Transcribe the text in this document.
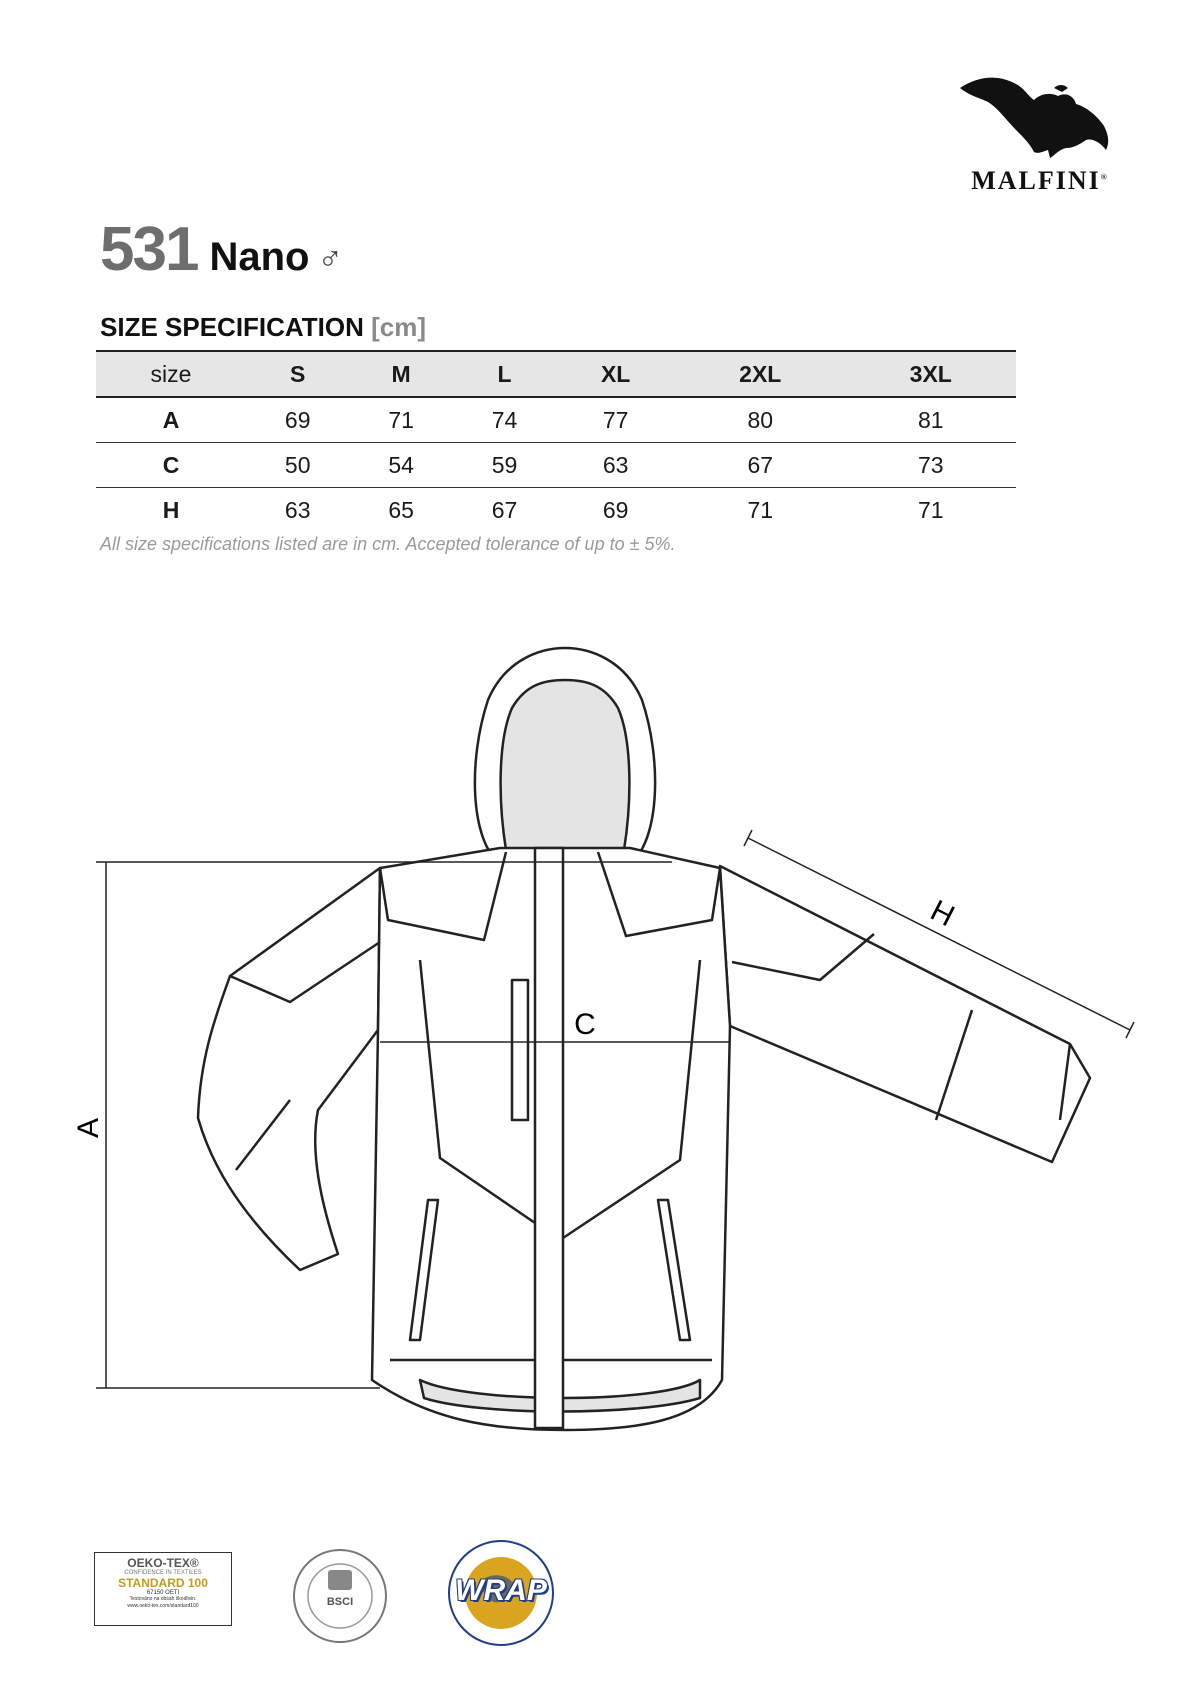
MALFINI®
531 Nano ♂
SIZE SPECIFICATION [cm]
size	S	M	L	XL	2XL	3XL
A	69	71	74	77	80	81
C	50	54	59	63	67	73
H	63	65	67	69	71	71
All size specifications listed are in cm. Accepted tolerance of up to ± 5%.
A
C
H
OEKO-TEX®
CONFIDENCE IN TEXTILES
STANDARD 100
67150 OETI
Testováno na obsah škodlivin.
www.oeko-tex.com/standard100	BSCI	WRAP
